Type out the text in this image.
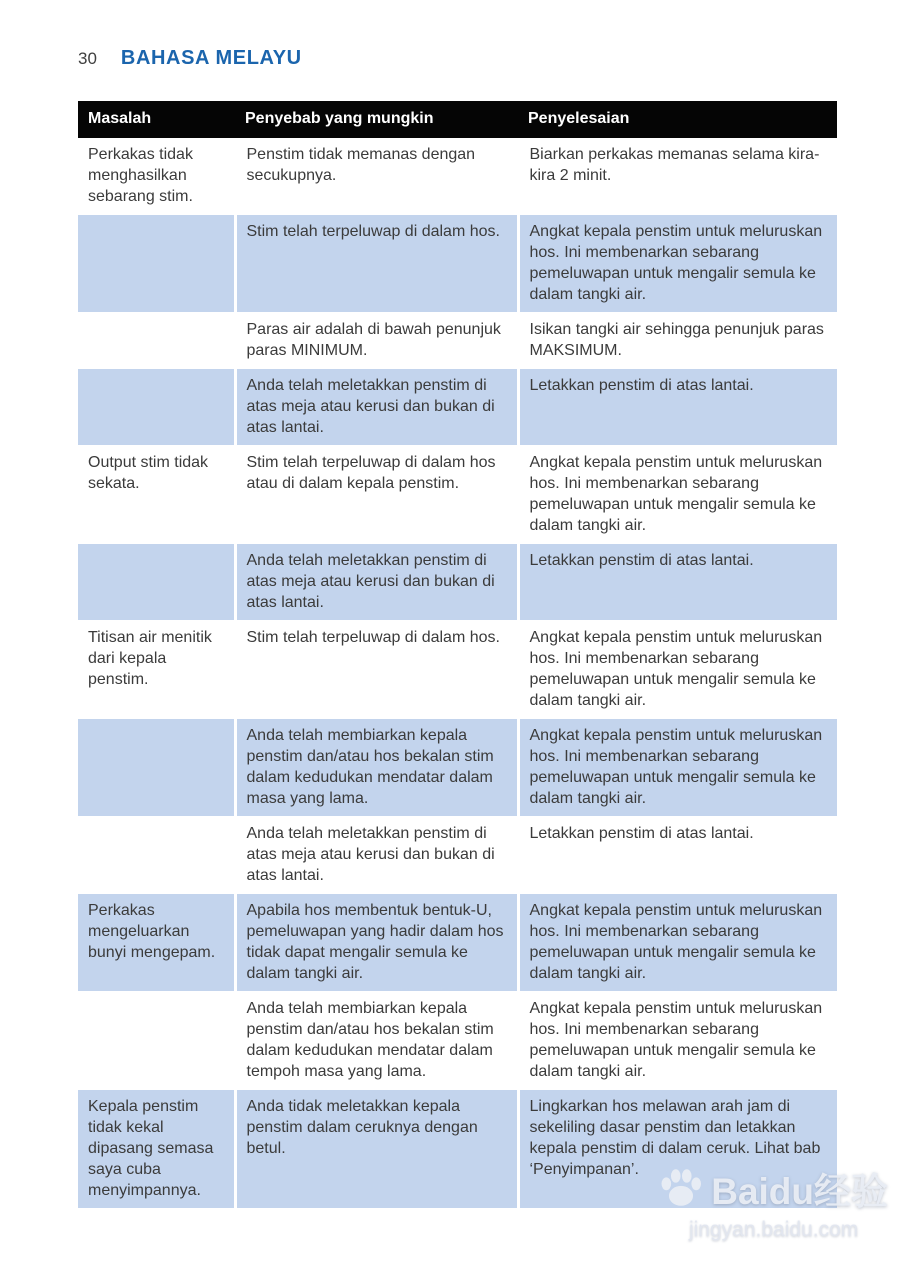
30 BAHASA MELAYU
Masalah	Penyebab yang mungkin	Penyelesaian
Perkakas tidak menghasilkan sebarang stim.	Penstim tidak memanas dengan secukupnya.	Biarkan perkakas memanas selama kira-kira 2 minit.
	Stim telah terpeluwap di dalam hos.	Angkat kepala penstim untuk meluruskan hos. Ini membenarkan sebarang pemeluwapan untuk mengalir semula ke dalam tangki air.
	Paras air adalah di bawah penunjuk paras MINIMUM.	Isikan tangki air sehingga penunjuk paras MAKSIMUM.
	Anda telah meletakkan penstim di atas meja atau kerusi dan bukan di atas lantai.	Letakkan penstim di atas lantai.
Output stim tidak sekata.	Stim telah terpeluwap di dalam hos atau di dalam kepala penstim.	Angkat kepala penstim untuk meluruskan hos. Ini membenarkan sebarang pemeluwapan untuk mengalir semula ke dalam tangki air.
	Anda telah meletakkan penstim di atas meja atau kerusi dan bukan di atas lantai.	Letakkan penstim di atas lantai.
Titisan air menitik dari kepala penstim.	Stim telah terpeluwap di dalam hos.	Angkat kepala penstim untuk meluruskan hos. Ini membenarkan sebarang pemeluwapan untuk mengalir semula ke dalam tangki air.
	Anda telah membiarkan kepala penstim dan/atau hos bekalan stim dalam kedudukan mendatar dalam masa yang lama.	Angkat kepala penstim untuk meluruskan hos. Ini membenarkan sebarang pemeluwapan untuk mengalir semula ke dalam tangki air.
	Anda telah meletakkan penstim di atas meja atau kerusi dan bukan di atas lantai.	Letakkan penstim di atas lantai.
Perkakas mengeluarkan bunyi mengepam.	Apabila hos membentuk bentuk-U, pemeluwapan yang hadir dalam hos tidak dapat mengalir semula ke dalam tangki air.	Angkat kepala penstim untuk meluruskan hos. Ini membenarkan sebarang pemeluwapan untuk mengalir semula ke dalam tangki air.
	Anda telah membiarkan kepala penstim dan/atau hos bekalan stim dalam kedudukan mendatar dalam tempoh masa yang lama.	Angkat kepala penstim untuk meluruskan hos. Ini membenarkan sebarang pemeluwapan untuk mengalir semula ke dalam tangki air.
Kepala penstim tidak kekal dipasang semasa saya cuba menyimpannya.	Anda tidak meletakkan kepala penstim dalam ceruknya dengan betul.	Lingkarkan hos melawan arah jam di sekeliling dasar penstim dan letakkan kepala penstim di dalam ceruk. Lihat bab ‘Penyimpanan’.
Baidu经验
jingyan.baidu.com
